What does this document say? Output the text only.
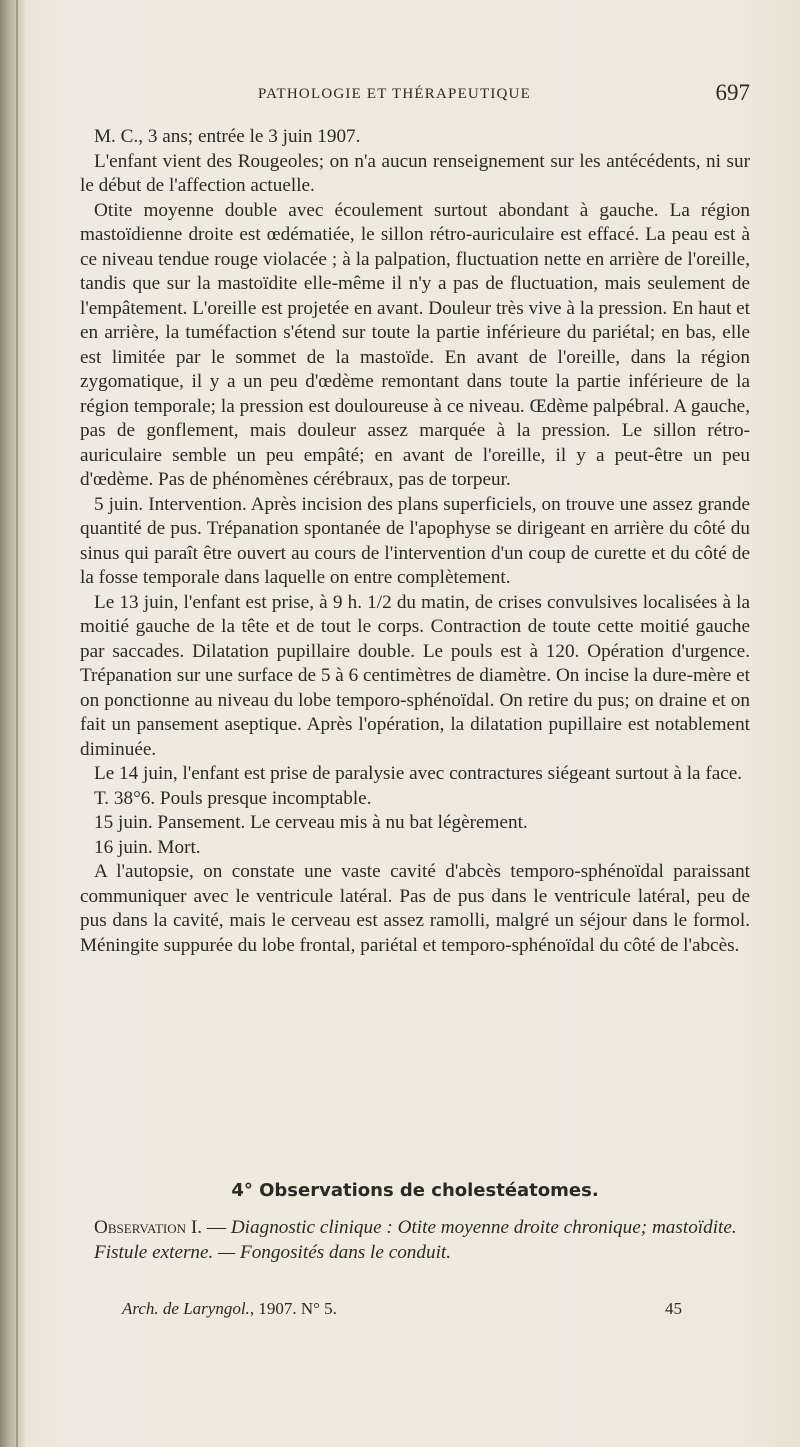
PATHOLOGIE ET THÉRAPEUTIQUE	697

M. C., 3 ans; entrée le 3 juin 1907.

L'enfant vient des Rougeoles; on n'a aucun renseignement sur les antécédents, ni sur le début de l'affection actuelle.

Otite moyenne double avec écoulement surtout abondant à gauche. La région mastoïdienne droite est œdématiée, le sillon rétro-auriculaire est effacé. La peau est à ce niveau tendue rouge violacée ; à la palpation, fluctuation nette en arrière de l'oreille, tandis que sur la mastoïdite elle-même il n'y a pas de fluctuation, mais seulement de l'empâtement. L'oreille est projetée en avant. Douleur très vive à la pression. En haut et en arrière, la tuméfaction s'étend sur toute la partie inférieure du pariétal; en bas, elle est limitée par le sommet de la mastoïde. En avant de l'oreille, dans la région zygomatique, il y a un peu d'œdème remontant dans toute la partie inférieure de la région temporale; la pression est douloureuse à ce niveau. Œdème palpébral. A gauche, pas de gonflement, mais douleur assez marquée à la pression. Le sillon rétro-auriculaire semble un peu empâté; en avant de l'oreille, il y a peut-être un peu d'œdème. Pas de phénomènes cérébraux, pas de torpeur.

5 juin. Intervention. Après incision des plans superficiels, on trouve une assez grande quantité de pus. Trépanation spontanée de l'apophyse se dirigeant en arrière du côté du sinus qui paraît être ouvert au cours de l'intervention d'un coup de curette et du côté de la fosse temporale dans laquelle on entre complètement.

Le 13 juin, l'enfant est prise, à 9 h. 1/2 du matin, de crises convulsives localisées à la moitié gauche de la tête et de tout le corps. Contraction de toute cette moitié gauche par saccades. Dilatation pupillaire double. Le pouls est à 120. Opération d'urgence. Trépanation sur une surface de 5 à 6 centimètres de diamètre. On incise la dure-mère et on ponctionne au niveau du lobe temporo-sphénoïdal. On retire du pus; on draine et on fait un pansement aseptique. Après l'opération, la dilatation pupillaire est notablement diminuée.

Le 14 juin, l'enfant est prise de paralysie avec contractures siégeant surtout à la face.

T. 38°6. Pouls presque incomptable.

15 juin. Pansement. Le cerveau mis à nu bat légèrement.

16 juin. Mort.

A l'autopsie, on constate une vaste cavité d'abcès temporo-sphénoïdal paraissant communiquer avec le ventricule latéral. Pas de pus dans le ventricule latéral, peu de pus dans la cavité, mais le cerveau est assez ramolli, malgré un séjour dans le formol. Méningite suppurée du lobe frontal, pariétal et temporo-sphénoïdal du côté de l'abcès.

4° Observations de cholestéatomes.

Observation I. — Diagnostic clinique : Otite moyenne droite chronique; mastoïdite.

Fistule externe. — Fongosités dans le conduit.

Arch. de Laryngol., 1907. N° 5.	45
